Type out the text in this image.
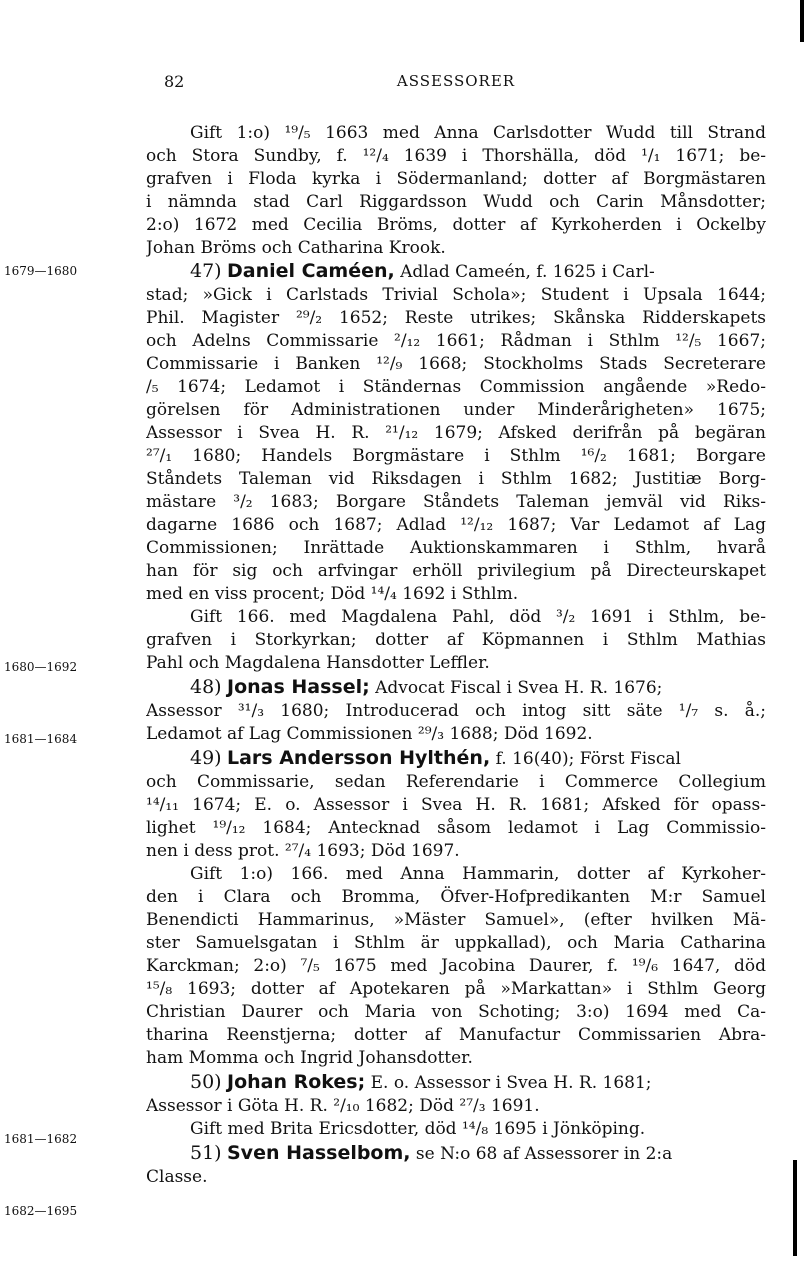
82	ASSESSORER
1679—1680
1680—1692
1681—1684
1681—1682
1682—1695
Gift 1:o) ¹⁹/₅ 1663 med Anna Carlsdotter Wudd till Strand
och Stora Sundby, f. ¹²/₄ 1639 i Thorshälla, död ¹/₁ 1671; be-
grafven i Floda kyrka i Södermanland; dotter af Borgmästaren
i nämnda stad Carl Riggardsson Wudd och Carin Månsdotter;
2:o) 1672 med Cecilia Bröms, dotter af Kyrkoherden i Ockelby
Johan Bröms och Catharina Krook.
47) Daniel Caméen, Adlad Cameén, f. 1625 i Carl-
stad; »Gick i Carlstads Trivial Schola»; Student i Upsala 1644;
Phil. Magister ²⁹/₂ 1652; Reste utrikes; Skånska Ridderskapets
och Adelns Commissarie ²/₁₂ 1661; Rådman i Sthlm ¹²/₅ 1667;
Commissarie i Banken ¹²/₉ 1668; Stockholms Stads Secreterare
/₅ 1674; Ledamot i Ständernas Commission angående »Redo-
görelsen för Administrationen under Minderårigheten» 1675;
Assessor i Svea H. R. ²¹/₁₂ 1679; Afsked derifrån på begäran
²⁷/₁ 1680; Handels Borgmästare i Sthlm ¹⁶/₂ 1681; Borgare
Ståndets Taleman vid Riksdagen i Sthlm 1682; Justitiæ Borg-
mästare ³/₂ 1683; Borgare Ståndets Taleman jemväl vid Riks-
dagarne 1686 och 1687; Adlad ¹²/₁₂ 1687; Var Ledamot af Lag
Commissionen; Inrättade Auktionskammaren i Sthlm, hvarå
han för sig och arfvingar erhöll privilegium på Directeurskapet
med en viss procent; Död ¹⁴/₄ 1692 i Sthlm.
Gift 166. med Magdalena Pahl, död ³/₂ 1691 i Sthlm, be-
grafven i Storkyrkan; dotter af Köpmannen i Sthlm Mathias
Pahl och Magdalena Hansdotter Leffler.
48) Jonas Hassel; Advocat Fiscal i Svea H. R. 1676;
Assessor ³¹/₃ 1680; Introducerad och intog sitt säte ¹/₇ s. å.;
Ledamot af Lag Commissionen ²⁹/₃ 1688; Död 1692.
49) Lars Andersson Hylthén, f. 16(40); Först Fiscal
och Commissarie, sedan Referendarie i Commerce Collegium
¹⁴/₁₁ 1674; E. o. Assessor i Svea H. R. 1681; Afsked för opass-
lighet ¹⁹/₁₂ 1684; Antecknad såsom ledamot i Lag Commissio-
nen i dess prot. ²⁷/₄ 1693; Död 1697.
Gift 1:o) 166. med Anna Hammarin, dotter af Kyrkoher-
den i Clara och Bromma, Öfver-Hofpredikanten M:r Samuel
Benendicti Hammarinus, »Mäster Samuel», (efter hvilken Mä-
ster Samuelsgatan i Sthlm är uppkallad), och Maria Catharina
Karckman; 2:o) ⁷/₅ 1675 med Jacobina Daurer, f. ¹⁹/₆ 1647, död
¹⁵/₈ 1693; dotter af Apotekaren på »Markattan» i Sthlm Georg
Christian Daurer och Maria von Schoting; 3:o) 1694 med Ca-
tharina Reenstjerna; dotter af Manufactur Commissarien Abra-
ham Momma och Ingrid Johansdotter.
50) Johan Rokes; E. o. Assessor i Svea H. R. 1681;
Assessor i Göta H. R. ²/₁₀ 1682; Död ²⁷/₃ 1691.
Gift med Brita Ericsdotter, död ¹⁴/₈ 1695 i Jönköping.
51) Sven Hasselbom, se N:o 68 af Assessorer in 2:a
Classe.
